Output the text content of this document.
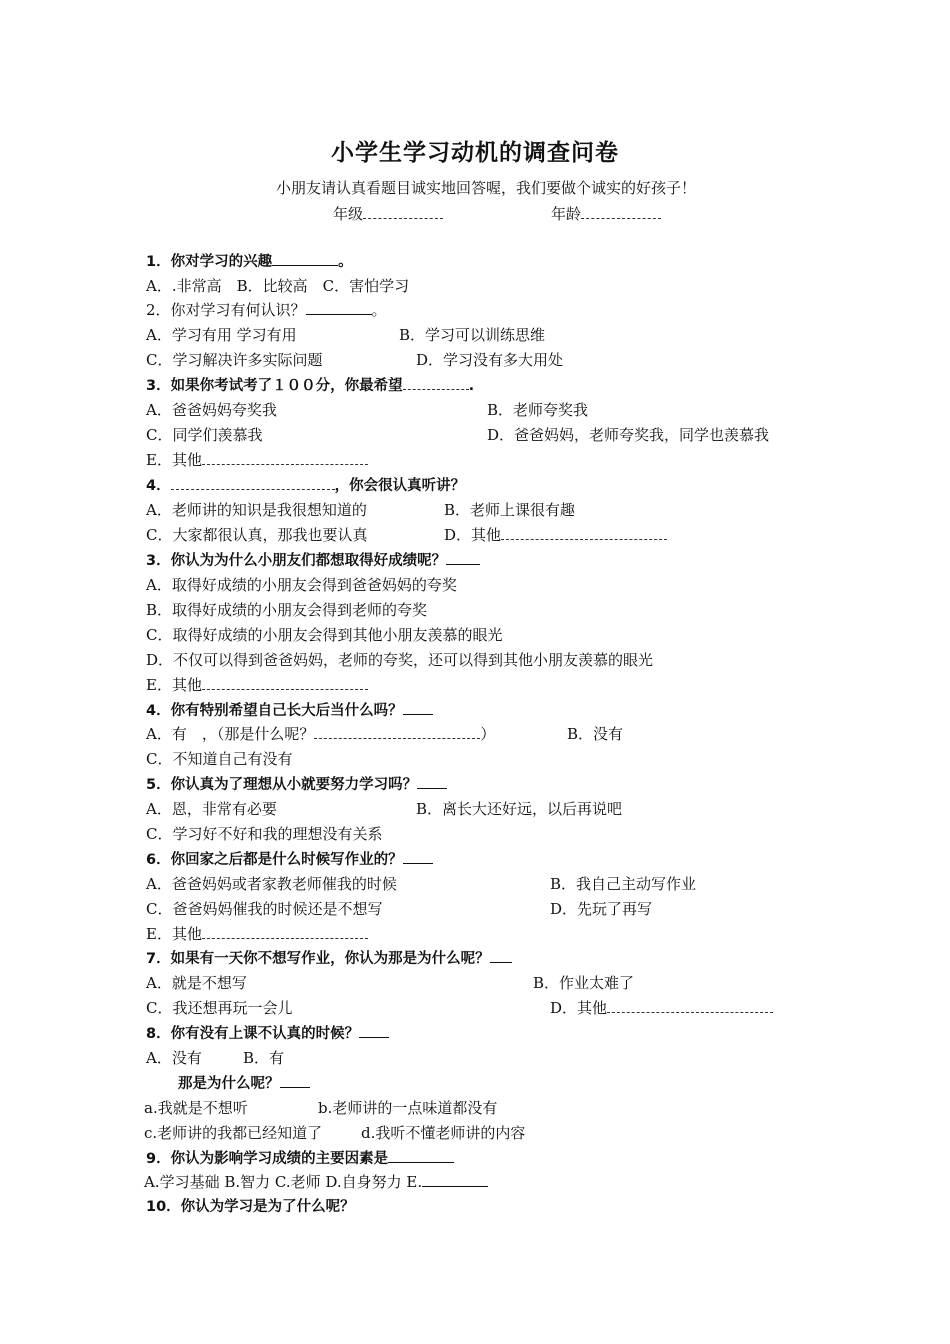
小学生学习动机的调查问卷
小朋友请认真看题目诚实地回答喔，我们要做个诚实的好孩子！
年级	年龄
1．你对学习的兴趣	。
A．.非常高　B．比较高　C．害怕学习
2．你对学习有何认识？	。
A．学习有用 学习有用	B．学习可以训练思维
C．学习解决许多实际问题	D．学习没有多大用处
3．如果你考试考了１００分，你最希望	.
A．爸爸妈妈夸奖我	B．老师夸奖我
C．同学们羡慕我	D．爸爸妈妈，老师夸奖我，同学也羡慕我
E．其他
4．	，你会很认真听讲？
A．老师讲的知识是我很想知道的	B．老师上课很有趣
C．大家都很认真，那我也要认真	D．其他
3．你认为为什么小朋友们都想取得好成绩呢？
A．取得好成绩的小朋友会得到爸爸妈妈的夸奖
B．取得好成绩的小朋友会得到老师的夸奖
C．取得好成绩的小朋友会得到其他小朋友羡慕的眼光
D．不仅可以得到爸爸妈妈，老师的夸奖，还可以得到其他小朋友羡慕的眼光
E．其他
4．你有特别希望自己长大后当什么吗？
A．有　，（那是什么呢？	）	B．没有
C．不知道自己有没有
5．你认真为了理想从小就要努力学习吗？
A．恩，非常有必要	B．离长大还好远，以后再说吧
C．学习好不好和我的理想没有关系
6．你回家之后都是什么时候写作业的？
A．爸爸妈妈或者家教老师催我的时候	B．我自己主动写作业
C．爸爸妈妈催我的时候还是不想写	D．先玩了再写
E．其他
7．如果有一天你不想写作业，你认为那是为什么呢？
A．就是不想写	B．作业太难了
C．我还想再玩一会儿	D．其他
8．你有没有上课不认真的时候？
A．没有	B．有
那是为什么呢？
a.我就是不想听	b.老师讲的一点味道都没有
c.老师讲的我都已经知道了	d.我听不懂老师讲的内容
9．你认为影响学习成绩的主要因素是
A.学习基础 B.智力 C.老师 D.自身努力 E.
10．你认为学习是为了什么呢？
